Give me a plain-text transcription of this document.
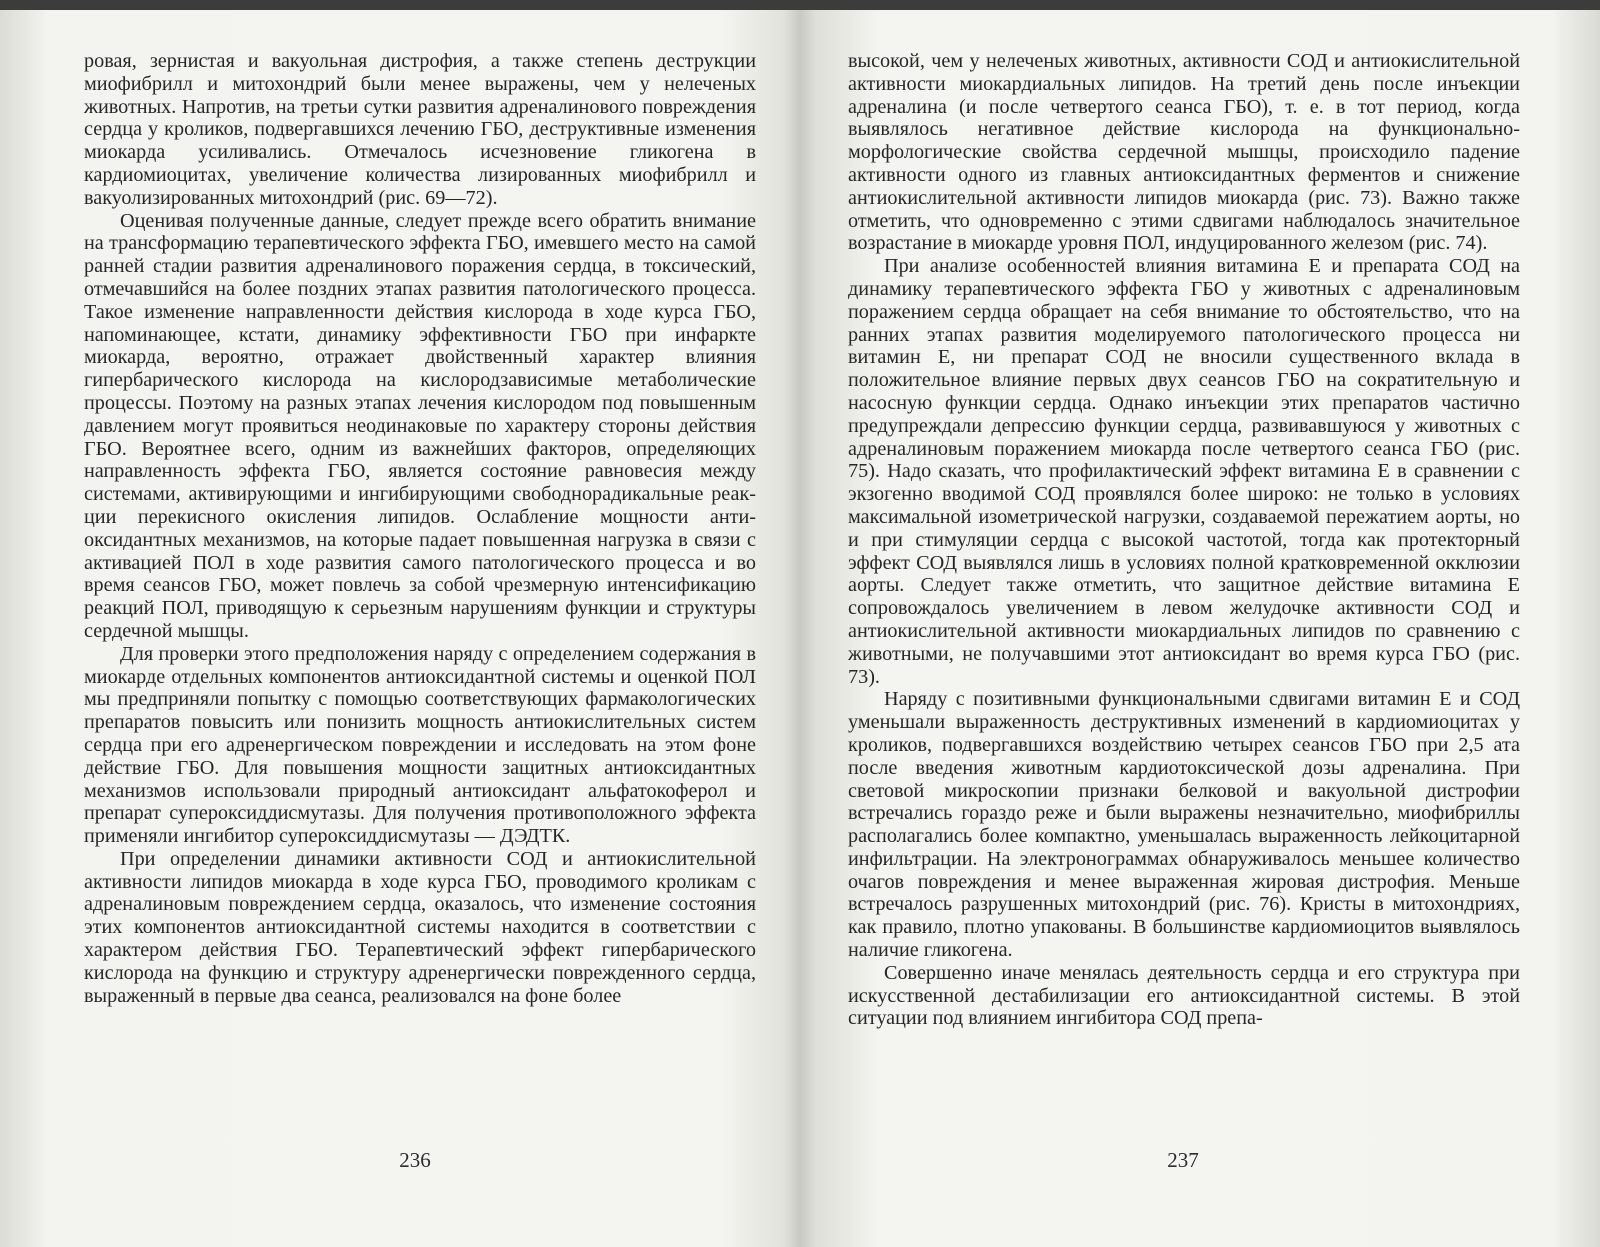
ровая, зернистая и вакуольная дистрофия, а также степень деструкции миофибрилл и митохондрий были менее выражены, чем у нелеченых животных. Напротив, на третьи сутки развития адреналинового повреждения сердца у кроликов, подвергавшихся лечению ГБО, деструктивные изменения миокарда усиливались. Отмечалось исчезновение гликогена в кардиомиоцитах, увеличение количества лизированных миофибрилл и вакуолизированных митохондрий (рис. 69—72).

Оценивая полученные данные, следует прежде всего обратить внимание на трансформацию терапевтического эффекта ГБО, имевшего место на самой ранней стадии развития адреналинового поражения сердца, в токсический, отмечавшийся на более поздних этапах развития патологического процесса. Такое изменение направленности действия кислорода в ходе курса ГБО, напоминающее, кстати, динамику эффективности ГБО при инфаркте миокарда, вероятно, отражает двойственный характер влияния гипербарического кислорода на кислородзависимые метаболические процессы. Поэтому на разных этапах лечения кислородом под повышенным давлением могут проявиться неодинаковые по характеру стороны действия ГБО. Вероятнее всего, одним из важнейших факторов, определяющих направленность эффекта ГБО, является состояние равновесия между системами, активирующими и ингибирующими свободнорадикальные реакции перекисного окисления липидов. Ослабление мощности антиоксидантных механизмов, на которые падает повышенная нагрузка в связи с активацией ПОЛ в ходе развития самого патологического процесса и во время сеансов ГБО, может повлечь за собой чрезмерную интенсификацию реакций ПОЛ, приводящую к серьезным нарушениям функции и структуры сердечной мышцы.

Для проверки этого предположения наряду с определением содержания в миокарде отдельных компонентов антиоксидантной системы и оценкой ПОЛ мы предприняли попытку с помощью соответствующих фармакологических препаратов повысить или понизить мощность антиокислительных систем сердца при его адренергическом повреждении и исследовать на этом фоне действие ГБО. Для повышения мощности защитных антиоксидантных механизмов использовали природный антиоксидант альфатокоферол и препарат супероксиддисмутазы. Для получения противоположного эффекта применяли ингибитор супероксиддисмутазы — ДЭДТК.

При определении динамики активности СОД и антиокислительной активности липидов миокарда в ходе курса ГБО, проводимого кроликам с адреналиновым повреждением сердца, оказалось, что изменение состояния этих компонентов антиоксидантной системы находится в соответствии с характером действия ГБО. Терапевтический эффект гипербарического кислорода на функцию и структуру адренергически поврежденного сердца, выраженный в первые два сеанса, реализовался на фоне более

высокой, чем у нелеченых животных, активности СОД и антиокислительной активности миокардиальных липидов. На третий день после инъекции адреналина (и после четвертого сеанса ГБО), т. е. в тот период, когда выявлялось негативное действие кислорода на функционально-морфологические свойства сердечной мышцы, происходило падение активности одного из главных антиоксидантных ферментов и снижение антиокислительной активности липидов миокарда (рис. 73). Важно также отметить, что одновременно с этими сдвигами наблюдалось значительное возрастание в миокарде уровня ПОЛ, индуцированного железом (рис. 74).

При анализе особенностей влияния витамина Е и препарата СОД на динамику терапевтического эффекта ГБО у животных с адреналиновым поражением сердца обращает на себя внимание то обстоятельство, что на ранних этапах развития моделируемого патологического процесса ни витамин Е, ни препарат СОД не вносили существенного вклада в положительное влияние первых двух сеансов ГБО на сократительную и насосную функции сердца. Однако инъекции этих препаратов частично предупреждали депрессию функции сердца, развивавшуюся у животных с адреналиновым поражением миокарда после четвертого сеанса ГБО (рис. 75). Надо сказать, что профилактический эффект витамина Е в сравнении с экзогенно вводимой СОД проявлялся более широко: не только в условиях максимальной изометрической нагрузки, создаваемой пережатием аорты, но и при стимуляции сердца с высокой частотой, тогда как протекторный эффект СОД выявлялся лишь в условиях полной кратковременной окклюзии аорты. Следует также отметить, что защитное действие витамина Е сопровождалось увеличением в левом желудочке активности СОД и антиокислительной активности миокардиальных липидов по сравнению с животными, не получавшими этот антиоксидант во время курса ГБО (рис. 73).

Наряду с позитивными функциональными сдвигами витамин Е и СОД уменьшали выраженность деструктивных изменений в кардиомиоцитах у кроликов, подвергавшихся воздействию четырех сеансов ГБО при 2,5 ата после введения животным кардиотоксической дозы адреналина. При световой микроскопии признаки белковой и вакуольной дистрофии встречались гораздо реже и были выражены незначительно, миофибриллы располагались более компактно, уменьшалась выраженность лейкоцитарной инфильтрации. На электронограммах обнаруживалось меньшее количество очагов повреждения и менее выраженная жировая дистрофия. Меньше встречалось разрушенных митохондрий (рис. 76). Кристы в митохондриях, как правило, плотно упакованы. В большинстве кардиомиоцитов выявлялось наличие гликогена.

Совершенно иначе менялась деятельность сердца и его структура при искусственной дестабилизации его антиоксидантной системы. В этой ситуации под влиянием ингибитора СОД препа-

236	237
